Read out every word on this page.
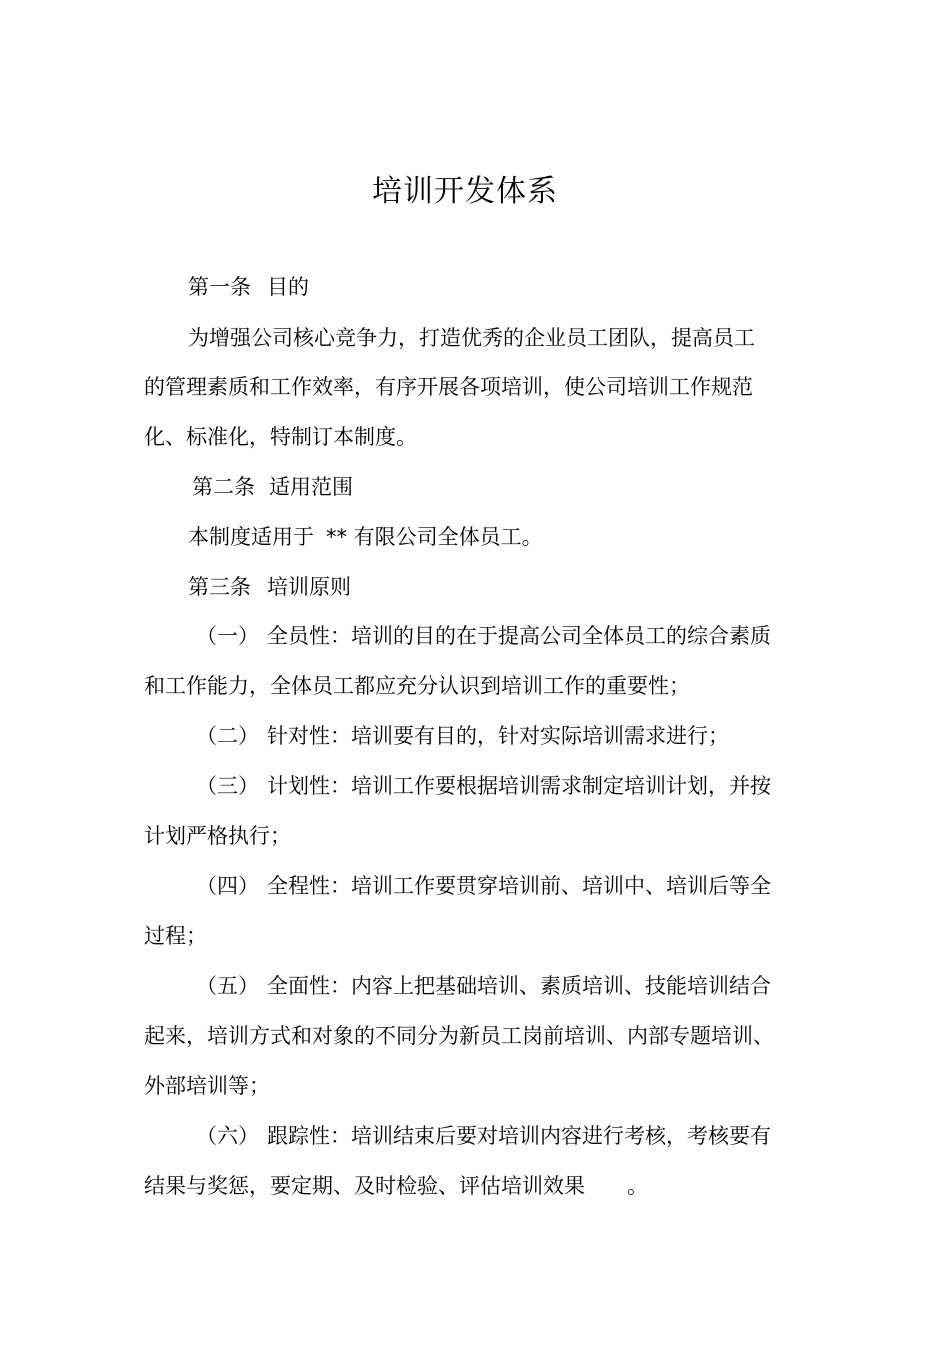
培训开发体系
第一条 目的
为增强公司核心竞争力，打造优秀的企业员工团队，提高员工
的管理素质和工作效率，有序开展各项培训，使公司培训工作规范
化、标准化，特制订本制度。
第二条 适用范围
本制度适用于 ** 有限公司全体员工。
第三条 培训原则
（一） 全员性：培训的目的在于提高公司全体员工的综合素质
和工作能力，全体员工都应充分认识到培训工作的重要性；
（二） 针对性：培训要有目的，针对实际培训需求进行；
（三） 计划性：培训工作要根据培训需求制定培训计划，并按
计划严格执行；
（四） 全程性：培训工作要贯穿培训前、培训中、培训后等全
过程；
（五） 全面性：内容上把基础培训、素质培训、技能培训结合
起来，培训方式和对象的不同分为新员工岗前培训、内部专题培训、
外部培训等；
（六） 跟踪性：培训结束后要对培训内容进行考核，考核要有
结果与奖惩，要定期、及时检验、评估培训效果 。
